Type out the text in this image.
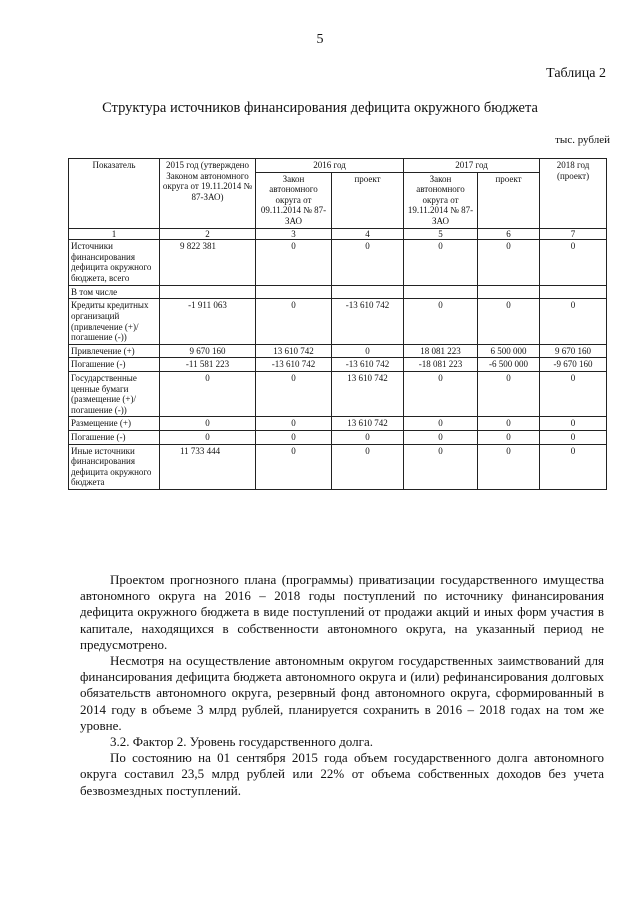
5
Таблица 2
Структура источников финансирования дефицита окружного бюджета
тыс. рублей
Показатель	2015 год (утверждено Законом автономного округа от 19.11.2014 № 87-ЗАО)	2016 год		2017 год		2018 год (проект)
		Закон автономного округа от 09.11.2014 № 87-ЗАО	проект	Закон автономного округа от 19.11.2014 № 87-ЗАО	проект	
1	2	3	4	5	6	7
Источники финансирования дефицита окружного бюджета, всего	9 822 381	0	0	0	0	0
В том числе						
Кредиты кредитных организаций (привлечение (+)/ погашение (-))	-1 911 063	0	-13 610 742	0	0	0
Привлечение (+)	9 670 160	13 610 742	0	18 081 223	6 500 000	9 670 160
Погашение (-)	-11 581 223	-13 610 742	-13 610 742	-18 081 223	-6 500 000	-9 670 160
Государственные ценные бумаги (размещение (+)/ погашение (-))	0	0	13 610 742	0	0	0
Размещение (+)	0	0	13 610 742	0	0	0
Погашение (-)	0	0	0	0	0	0
Иные источники финансирования дефицита окружного бюджета	11 733 444	0	0	0	0	0

Проектом прогнозного плана (программы) приватизации государственного имущества автономного округа на 2016 – 2018 годы поступлений по источнику финансирования дефицита окружного бюджета в виде поступлений от продажи акций и иных форм участия в капитале, находящихся в собственности автономного округа, на указанный период не предусмотрено.

Несмотря на осуществление автономным округом государственных заимствований для финансирования дефицита бюджета автономного округа и (или) рефинансирования долговых обязательств автономного округа, резервный фонд автономного округа, сформированный в 2014 году в объеме 3 млрд рублей, планируется сохранить в 2016 – 2018 годах на том же уровне.

3.2. Фактор 2. Уровень государственного долга.

По состоянию на 01 сентября 2015 года объем государственного долга автономного округа составил 23,5 млрд рублей или 22% от объема собственных доходов без учета безвозмездных поступлений.
